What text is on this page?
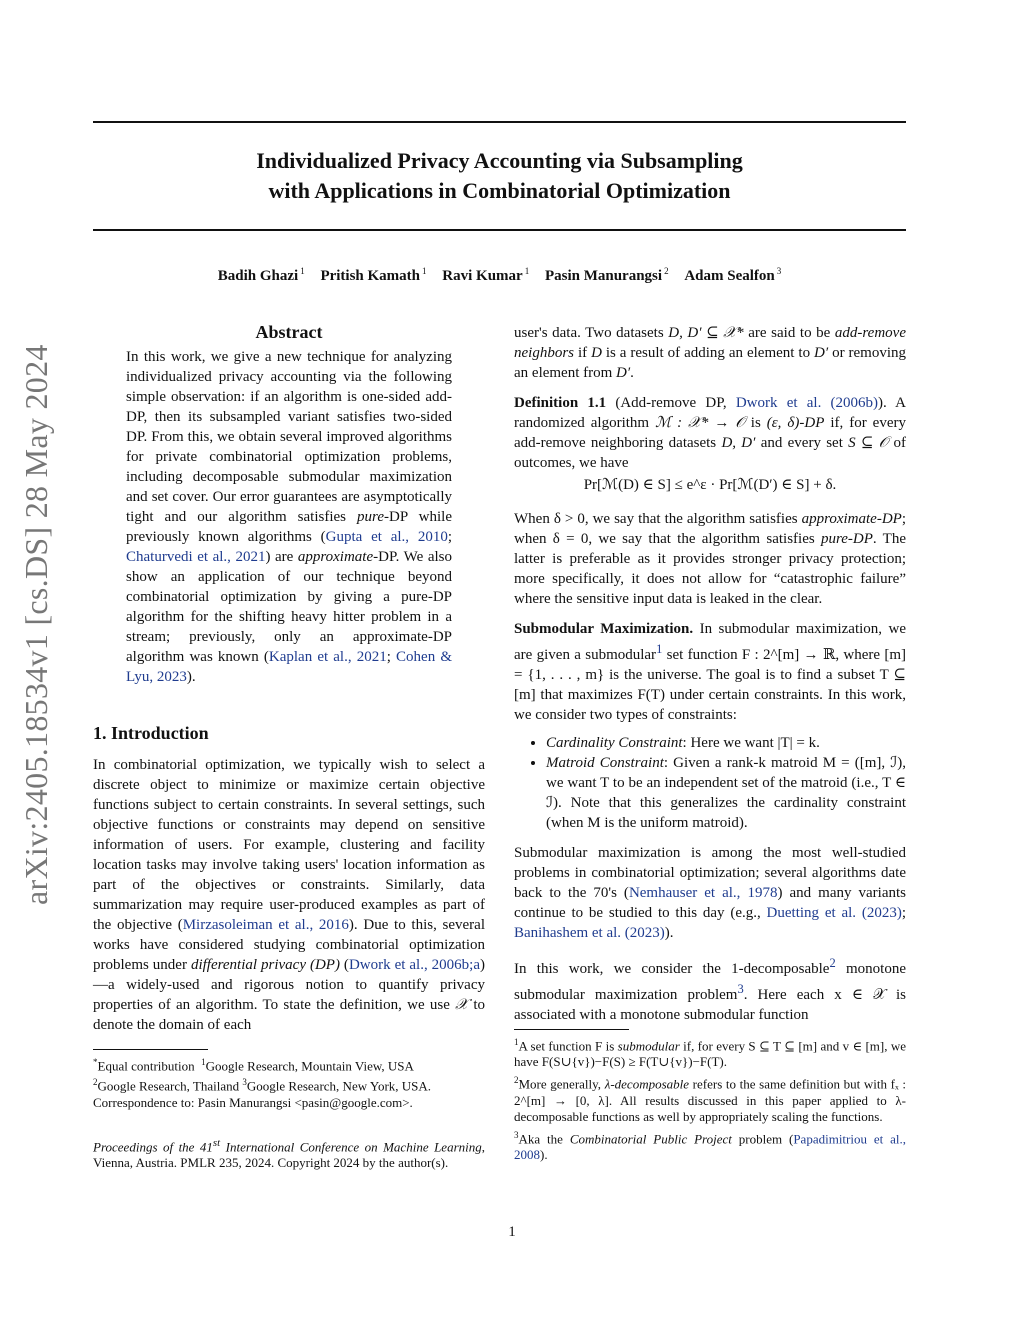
Individualized Privacy Accounting via Subsampling
with Applications in Combinatorial Optimization
Badih Ghazi $^1$ Pritish Kamath $^1$ Ravi Kumar $^1$ Pasin Manurangsi $^2$ Adam Sealfon $^3$
arXiv:2405.18534v1 [cs.DS] 28 May 2024
Abstract

In this work, we give a new technique for analyzing individualized privacy accounting via the following simple observation: if an algorithm is one-sided add-DP, then its subsampled variant satisfies two-sided DP. From this, we obtain several improved algorithms for private combinatorial optimization problems, including decomposable submodular maximization and set cover. Our error guarantees are asymptotically tight and our algorithm satisfies pure-DP while previously known algorithms (Gupta et al., 2010; Chaturvedi et al., 2021) are approximate-DP. We also show an application of our technique beyond combinatorial optimization by giving a pure-DP algorithm for the shifting heavy hitter problem in a stream; previously, only an approximate-DP algorithm was known (Kaplan et al., 2021; Cohen & Lyu, 2023).

1. Introduction

In combinatorial optimization, we typically wish to select a discrete object to minimize or maximize certain objective functions subject to certain constraints. In several settings, such objective functions or constraints may depend on sensitive information of users. For example, clustering and facility location tasks may involve taking users' location information as part of the objectives or constraints. Similarly, data summarization may require user-produced examples as part of the objective (Mirzasoleiman et al., 2016). Due to this, several works have considered studying combinatorial optimization problems under differential privacy (DP) (Dwork et al., 2006b;a)—a widely-used and rigorous notion to quantify privacy properties of an algorithm. To state the definition, we use 𝒳 to denote the domain of each

*Equal contribution $^1$Google Research, Mountain View, USA
$^2$Google Research, Thailand $^3$Google Research, New York, USA.
Correspondence to: Pasin Manurangsi <pasin@google.com>.
Proceedings of the 41st International Conference on Machine Learning, Vienna, Austria. PMLR 235, 2024. Copyright 2024 by the author(s).

user's data. Two datasets D, D′ ⊆ 𝒳* are said to be add-remove neighbors if D is a result of adding an element to D′ or removing an element from D′.

Definition 1.1 (Add-remove DP, Dwork et al. (2006b)). A randomized algorithm ℳ : 𝒳* → 𝒪 is (ε, δ)-DP if, for every add-remove neighboring datasets D, D′ and every set S ⊆ 𝒪 of outcomes, we have

Pr[ℳ(D) ∈ S] ≤ e^ε · Pr[ℳ(D′) ∈ S] + δ.

When δ > 0, we say that the algorithm satisfies approximate-DP; when δ = 0, we say that the algorithm satisfies pure-DP. The latter is preferable as it provides stronger privacy protection; more specifically, it does not allow for “catastrophic failure” where the sensitive input data is leaked in the clear.

Submodular Maximization. In submodular maximization, we are given a submodular$^1$ set function F : 2^[m] → ℝ, where [m] = {1, . . . , m} is the universe. The goal is to find a subset T ⊆ [m] that maximizes F(T) under certain constraints. In this work, we consider two types of constraints:

• Cardinality Constraint: Here we want |T| = k.
• Matroid Constraint: Given a rank-k matroid M = ([m], ℐ), we want T to be an independent set of the matroid (i.e., T ∈ ℐ). Note that this generalizes the cardinality constraint (when M is the uniform matroid).

Submodular maximization is among the most well-studied problems in combinatorial optimization; several algorithms date back to the 70's (Nemhauser et al., 1978) and many variants continue to be studied to this day (e.g., Duetting et al. (2023); Banihashem et al. (2023)).

In this work, we consider the 1-decomposable$^2$ monotone submodular maximization problem$^3$. Here each x ∈ 𝒳 is associated with a monotone submodular function

$^1$A set function F is submodular if, for every S ⊆ T ⊆ [m] and v ∈ [m], we have F(S∪{v})−F(S) ≥ F(T∪{v})−F(T).
$^2$More generally, λ-decomposable refers to the same definition but with fₓ : 2^[m] → [0, λ]. All results discussed in this paper applied to λ-decomposable functions as well by appropriately scaling the functions.
$^3$Aka the Combinatorial Public Project problem (Papadimitriou et al., 2008).
1
